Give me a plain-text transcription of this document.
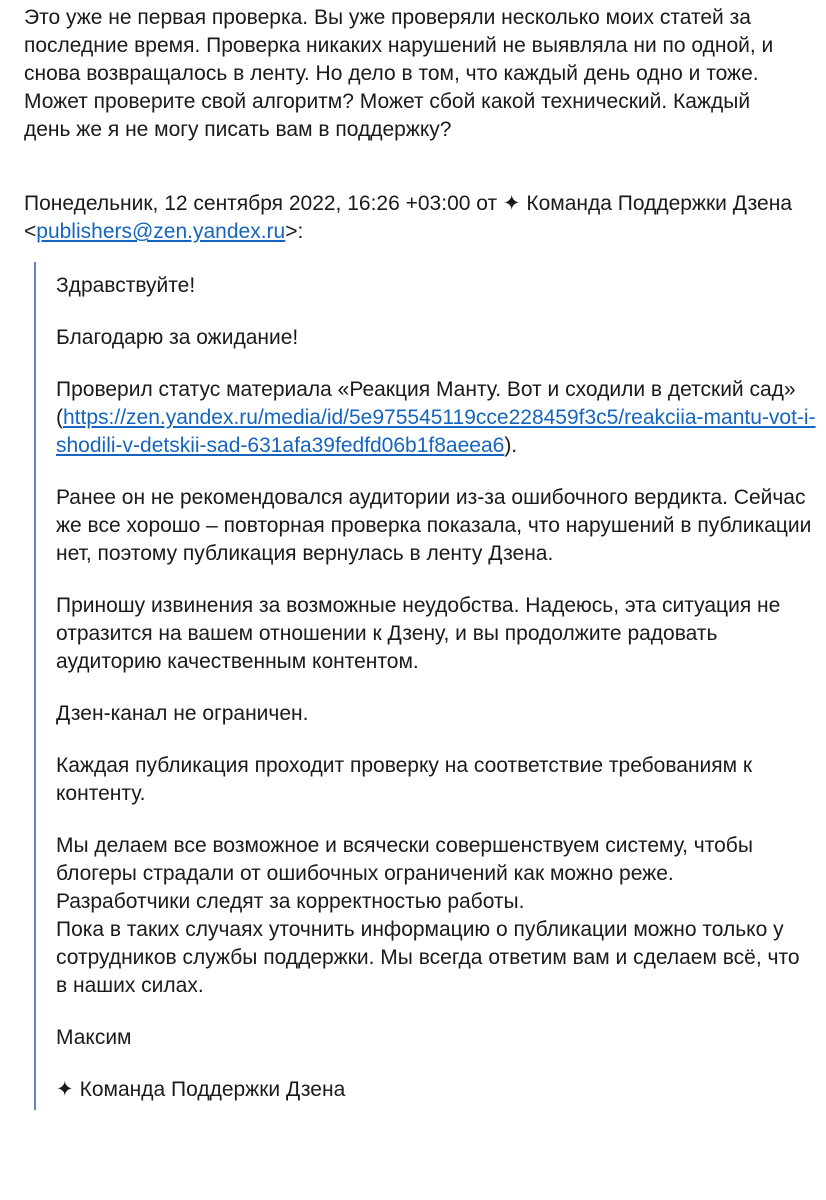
Это уже не первая проверка. Вы уже проверяли несколько моих статей за последние время. Проверка никаких нарушений не выявляла ни по одной, и снова возвращалось в ленту. Но дело в том, что каждый день одно и тоже. Может проверите свой алгоритм? Может сбой какой технический. Каждый день же я не могу писать вам в поддержку?

Понедельник, 12 сентября 2022, 16:26 +03:00 от ✦ Команда Поддержки Дзена <publishers@zen.yandex.ru>:

Здравствуйте!

Благодарю за ожидание!

Проверил статус материала «Реакция Манту. Вот и сходили в детский сад»
(https://zen.yandex.ru/media/id/5e975545119cce228459f3c5/reakciia-mantu-vot-i-shodili-v-detskii-sad-631afa39fedfd06b1f8aeea6).

Ранее он не рекомендовался аудитории из-за ошибочного вердикта. Сейчас же все хорошо – повторная проверка показала, что нарушений в публикации нет, поэтому публикация вернулась в ленту Дзена.

Приношу извинения за возможные неудобства. Надеюсь, эта ситуация не отразится на вашем отношении к Дзену, и вы продолжите радовать аудиторию качественным контентом.

Дзен-канал не ограничен.

Каждая публикация проходит проверку на соответствие требованиям к контенту.

Мы делаем все возможное и всячески совершенствуем систему, чтобы блогеры страдали от ошибочных ограничений как можно реже.

Разработчики следят за корректностью работы.

Пока в таких случаях уточнить информацию о публикации можно только у сотрудников службы поддержки. Мы всегда ответим вам и сделаем всё, что в наших силах.

Максим

✦ Команда Поддержки Дзена
